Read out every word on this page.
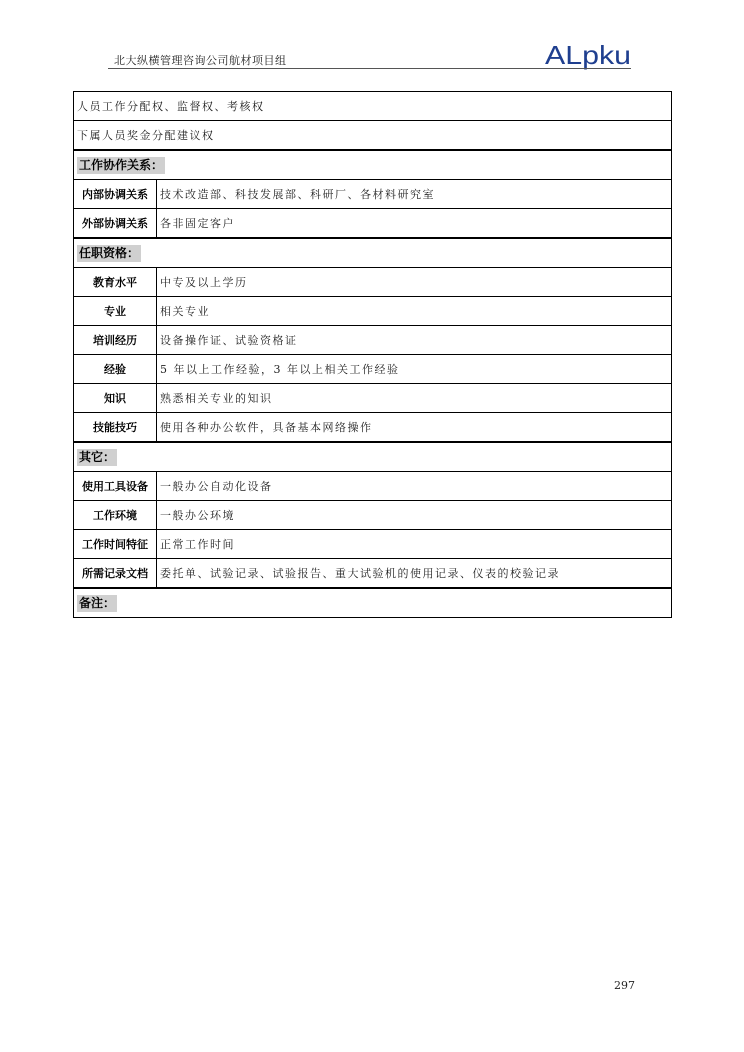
北大纵横管理咨询公司航材项目组	ALpku
人员工作分配权、监督权、考核权	
下属人员奖金分配建议权	
工作协作关系：	
内部协调关系	技术改造部、科技发展部、科研厂、各材料研究室
外部协调关系	各非固定客户
任职资格：	
教育水平	中专及以上学历
专业	相关专业
培训经历	设备操作证、试验资格证
经验	5 年以上工作经验，3 年以上相关工作经验
知识	熟悉相关专业的知识
技能技巧	使用各种办公软件，具备基本网络操作
其它：	
使用工具设备	一般办公自动化设备
工作环境	一般办公环境
工作时间特征	正常工作时间
所需记录文档	委托单、试验记录、试验报告、重大试验机的使用记录、仪表的校验记录
备注：	
297
